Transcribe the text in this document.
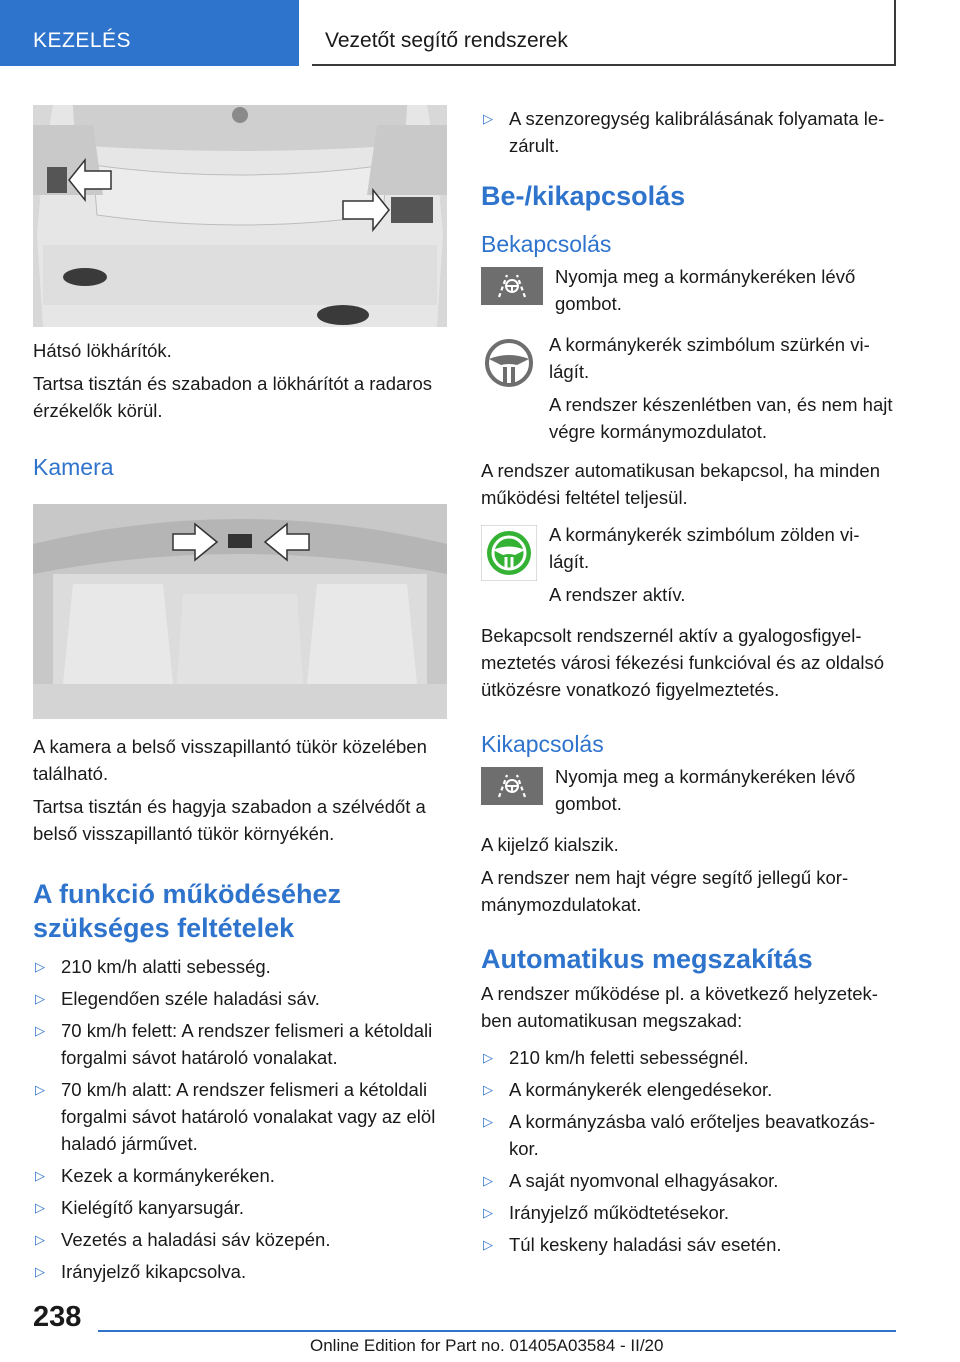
KEZELÉS	Vezetőt segítő rendszerek

Hátsó lökhárítók.

Tartsa tisztán és szabadon a lökhárítót a radaros érzékelők körül.

Kamera

A kamera a belső visszapillantó tükör közelében található.

Tartsa tisztán és hagyja szabadon a szélvédőt a belső visszapillantó tükör környékén.

A funkció működéséhez szükséges feltételek
▷ 210 km/h alatti sebesség.
▷ Elegendően széle haladási sáv.
▷ 70 km/h felett: A rendszer felismeri a kétoldali forgalmi sávot határoló vonalakat.
▷ 70 km/h alatt: A rendszer felismeri a kétoldali forgalmi sávot határoló vonalakat vagy az elöl haladó járművet.
▷ Kezek a kormánykeréken.
▷ Kielégítő kanyarsugár.
▷ Vezetés a haladási sáv közepén.
▷ Irányjelző kikapcsolva.
▷ A szenzoregység kalibrálásának folyamata le-zárult.
Be-/kikapcsolás
Bekapcsolás

Nyomja meg a kormánykeréken lévő gombot.

A kormánykerék szimbólum szürkén vi-lágít.

A rendszer készenlétben van, és nem hajt végre kormánymozdulatot.

A rendszer automatikusan bekapcsol, ha minden működési feltétel teljesül.

A kormánykerék szimbólum zölden vi-lágít.

A rendszer aktív.

Bekapcsolt rendszernél aktív a gyalogosfigyel-meztetés városi fékezési funkcióval és az oldalsó ütközésre vonatkozó figyelmeztetés.

Kikapcsolás

Nyomja meg a kormánykeréken lévő gombot.

A kijelző kialszik.

A rendszer nem hajt végre segítő jellegű kor-mánymozdulatokat.

Automatikus megszakítás

A rendszer működése pl. a következő helyzetek-ben automatikusan megszakad:

▷ 210 km/h feletti sebességnél.
▷ A kormánykerék elengedésekor.
▷ A kormányzásba való erőteljes beavatkozás-kor.
▷ A saját nyomvonal elhagyásakor.
▷ Irányjelző működtetésekor.
▷ Túl keskeny haladási sáv esetén.
238
Online Edition for Part no. 01405A03584 - II/20
